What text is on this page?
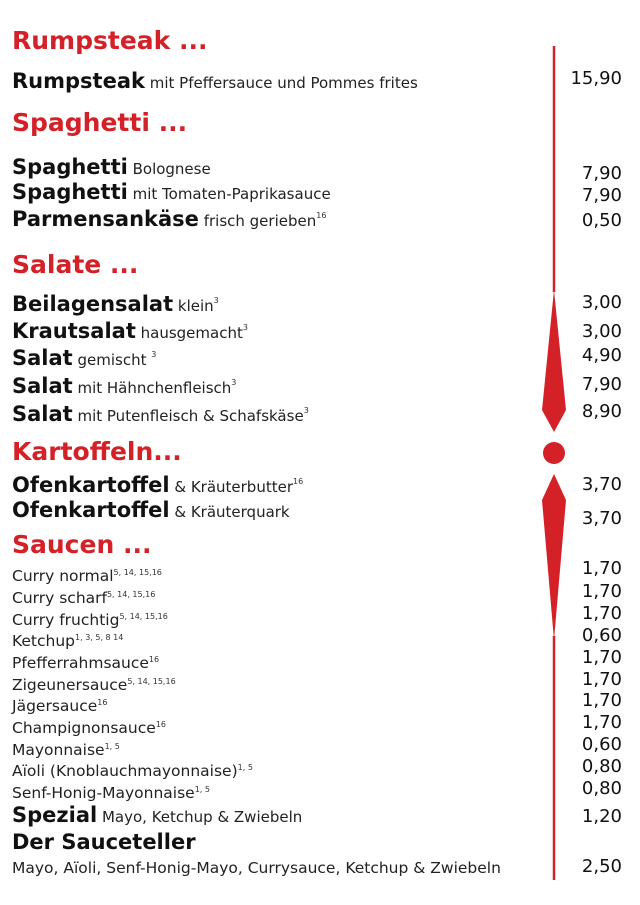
Rumpsteak ...
Spaghetti ...
Salate ...
Kartoffeln...
Saucen ...
Rumpsteak mit Pfeffersauce und Pommes frites	15,90
Spaghetti Bolognese	7,90
Spaghetti mit Tomaten-Paprikasauce	7,90
Parmensankäse frisch gerieben$^{16}$	0,50
Beilagensalat klein$^3$	3,00
Krautsalat hausgemacht$^3$	3,00
Salat gemischt $^3$	4,90
Salat mit Hähnchenfleisch$^3$	7,90
Salat mit Putenfleisch & Schafskäse$^3$	8,90
Ofenkartoffel & Kräuterbutter$^{16}$	3,70
Ofenkartoffel & Kräuterquark	3,70
Curry normal$^{5, 14, 15,16}$	1,70
Curry scharf$^{5, 14, 15,16}$	1,70
Curry fruchtig$^{5, 14, 15,16}$	1,70
Ketchup$^{1, 3, 5, 8 14}$	0,60
Pfefferrahmsauce$^{16}$	1,70
Zigeunersauce$^{5, 14, 15,16}$	1,70
Jägersauce$^{16}$	1,70
Champignonsauce$^{16}$	1,70
Mayonnaise$^{1, 5}$	0,60
Aïoli (Knoblauchmayonnaise)$^{1, 5}$	0,80
Senf-Honig-Mayonnaise$^{1, 5}$	0,80
Spezial Mayo, Ketchup & Zwiebeln	1,20
Der Sauceteller
Mayo, Aïoli, Senf-Honig-Mayo, Currysauce, Ketchup & Zwiebeln	2,50
